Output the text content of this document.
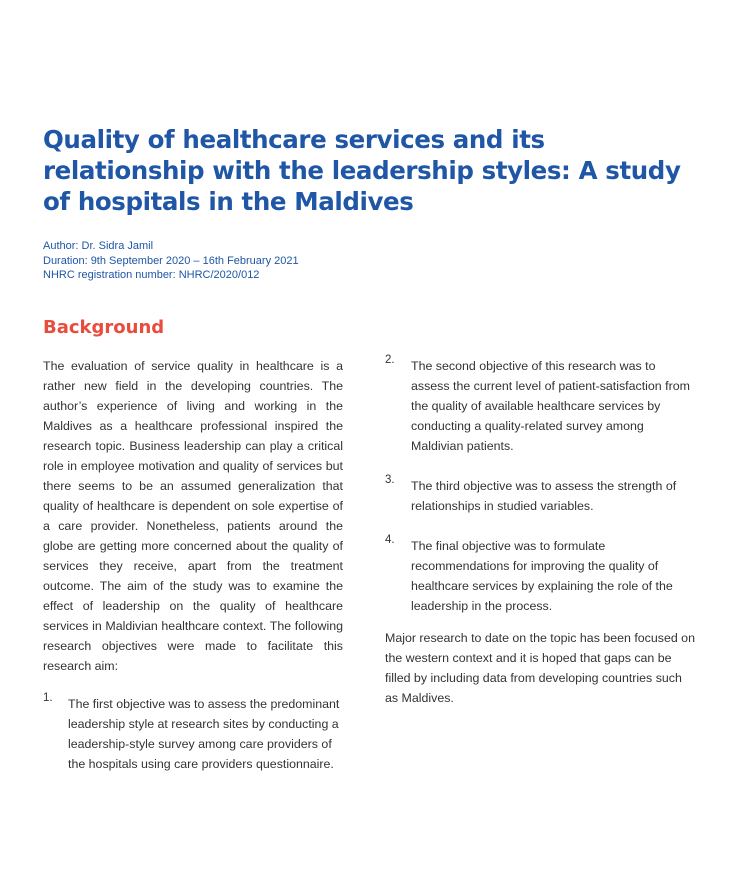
Quality of healthcare services and its relationship with the leadership styles: A study of hospitals in the Maldives
Author: Dr. Sidra Jamil
Duration: 9th September 2020 – 16th February 2021
NHRC registration number: NHRC/2020/012
Background

The evaluation of service quality in healthcare is a rather new field in the developing countries. The author’s experience of living and working in the Maldives as a healthcare professional inspired the research topic. Business leadership can play a critical role in employee motivation and quality of services but there seems to be an assumed generalization that quality of healthcare is dependent on sole expertise of a care provider. Nonetheless, patients around the globe are getting more concerned about the quality of services they receive, apart from the treatment outcome. The aim of the study was to examine the effect of leadership on the quality of healthcare services in Maldivian healthcare context. The following research objectives were made to facilitate this research aim:

1. The first objective was to assess the predominant leadership style at research sites by conducting a leadership-style survey among care providers of the hospitals using care providers questionnaire.
2. The second objective of this research was to assess the current level of patient-satisfaction from the quality of available healthcare services by conducting a quality-related survey among Maldivian patients.
3. The third objective was to assess the strength of relationships in studied variables.
4. The final objective was to formulate recommendations for improving the quality of healthcare services by explaining the role of the leadership in the process.

Major research to date on the topic has been focused on the western context and it is hoped that gaps can be filled by including data from developing countries such as Maldives.
